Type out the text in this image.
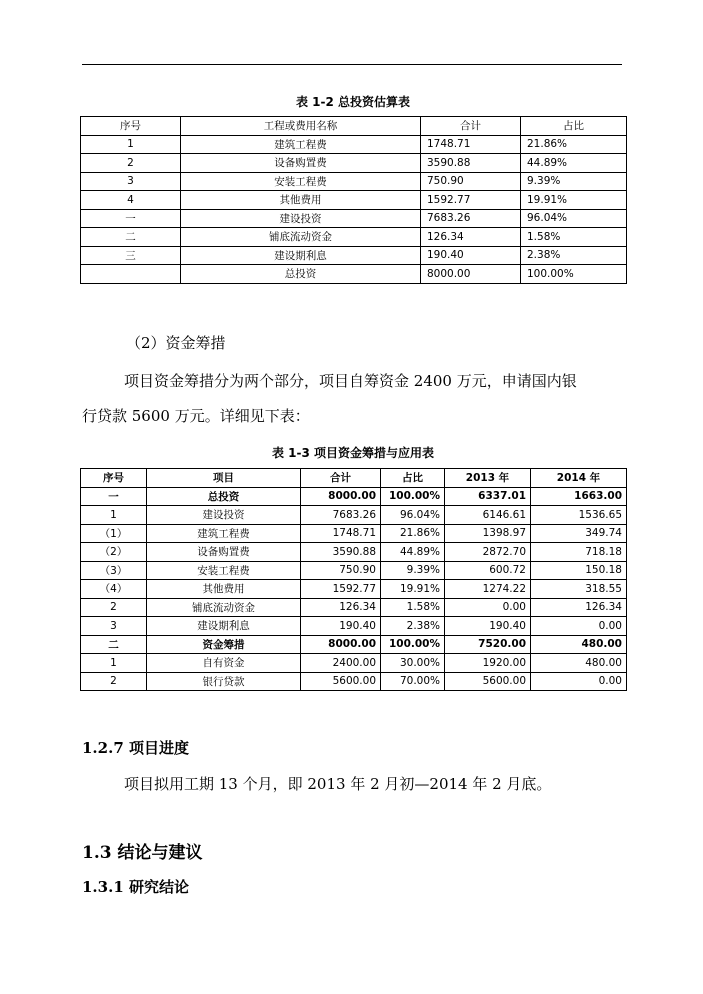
表 1-2 总投资估算表
序号	工程或费用名称	合计	占比
1	建筑工程费	1748.71	21.86%
2	设备购置费	3590.88	44.89%
3	安装工程费	750.90	9.39%
4	其他费用	1592.77	19.91%
一	建设投资	7683.26	96.04%
二	铺底流动资金	126.34	1.58%
三	建设期利息	190.40	2.38%
	总投资	8000.00	100.00%
（2）资金筹措
项目资金筹措分为两个部分，项目自筹资金 2400 万元，申请国内银
行贷款 5600 万元。详细见下表：
表 1-3 项目资金筹措与应用表
序号	项目	合计	占比	2013 年	2014 年
一	总投资	8000.00	100.00%	6337.01	1663.00
1	建设投资	7683.26	96.04%	6146.61	1536.65
（1）	建筑工程费	1748.71	21.86%	1398.97	349.74
（2）	设备购置费	3590.88	44.89%	2872.70	718.18
（3）	安装工程费	750.90	9.39%	600.72	150.18
（4）	其他费用	1592.77	19.91%	1274.22	318.55
2	铺底流动资金	126.34	1.58%	0.00	126.34
3	建设期利息	190.40	2.38%	190.40	0.00
二	资金筹措	8000.00	100.00%	7520.00	480.00
1	自有资金	2400.00	30.00%	1920.00	480.00
2	银行贷款	5600.00	70.00%	5600.00	0.00
1.2.7 项目进度
项目拟用工期 13 个月，即 2013 年 2 月初—2014 年 2 月底。
1.3 结论与建议
1.3.1 研究结论
